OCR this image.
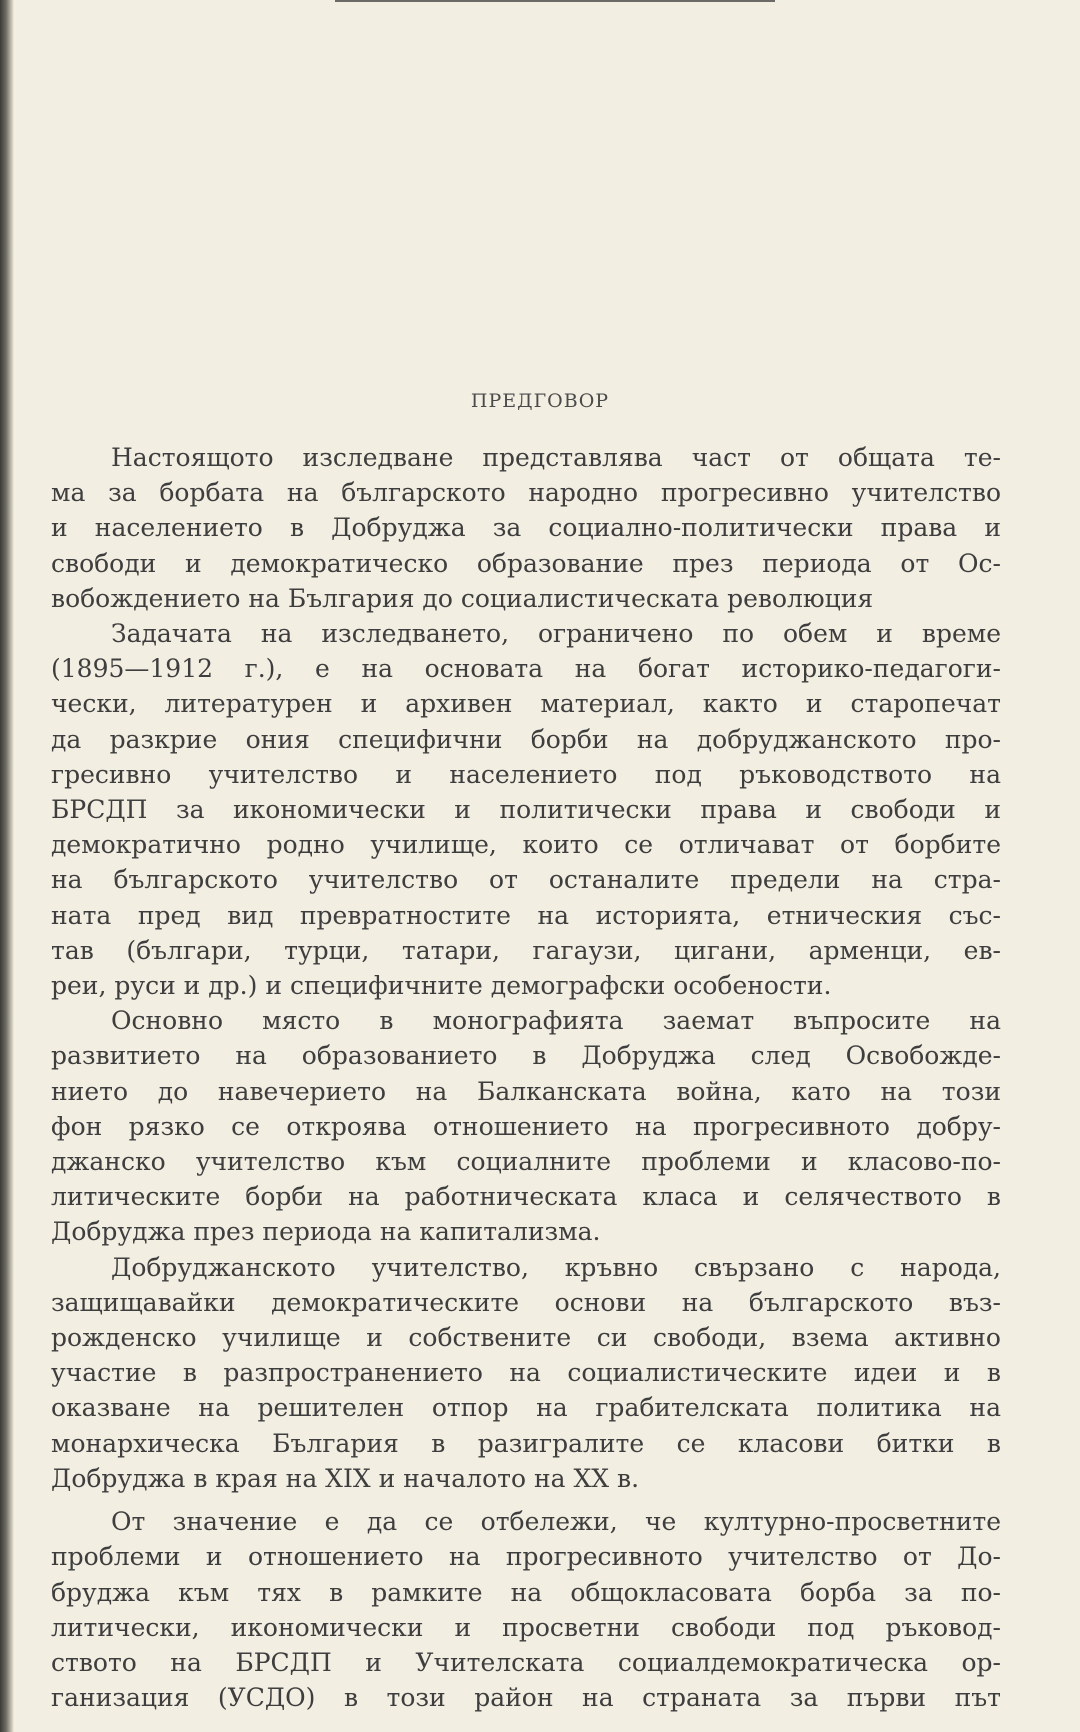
ПРЕДГОВОР

Настоящото изследване представлява част от общата те-
ма за борбата на българското народно прогресивно учителство
и населението в Добруджа за социално-политически права и
свободи и демократическо образование през периода от Ос-
вобождението на България до социалистическата революция

Задачата на изследването, ограничено по обем и време
(1895—1912 г.), е на основата на богат историко-педагоги-
чески, литературен и архивен материал, както и старопечат
да разкрие ония специфични борби на добруджанското про-
гресивно учителство и населението под ръководството на
БРСДП за икономически и политически права и свободи и
демократично родно училище, които се отличават от борбите
на българското учителство от останалите предели на стра-
ната пред вид превратностите на историята, етническия със-
тав (българи, турци, татари, гагаузи, цигани, арменци, ев-
реи, руси и др.) и специфичните демографски особености.

Основно място в монографията заемат въпросите на
развитието на образованието в Добруджа след Освобожде-
нието до навечерието на Балканската война, като на този
фон рязко се откроява отношението на прогресивното добру-
джанско учителство към социалните проблеми и класово-по-
литическите борби на работническата класа и селячеството в
Добруджа през периода на капитализма.

Добруджанското учителство, кръвно свързано с народа,
защищавайки демократическите основи на българското въз-
рожденско училище и собствените си свободи, взема активно
участие в разпространението на социалистическите идеи и в
оказване на решителен отпор на грабителската политика на
монархическа България в разигралите се класови битки в
Добруджа в края на XIX и началото на XX в.

От значение е да се отбележи, че културно-просветните
проблеми и отношението на прогресивното учителство от До-
бруджа към тях в рамките на общокласовата борба за по-
литически, икономически и просветни свободи под ръковод-
ството на БРСДП и Учителската социалдемократическа ор-
ганизация (УСДО) в този район на страната за първи път
